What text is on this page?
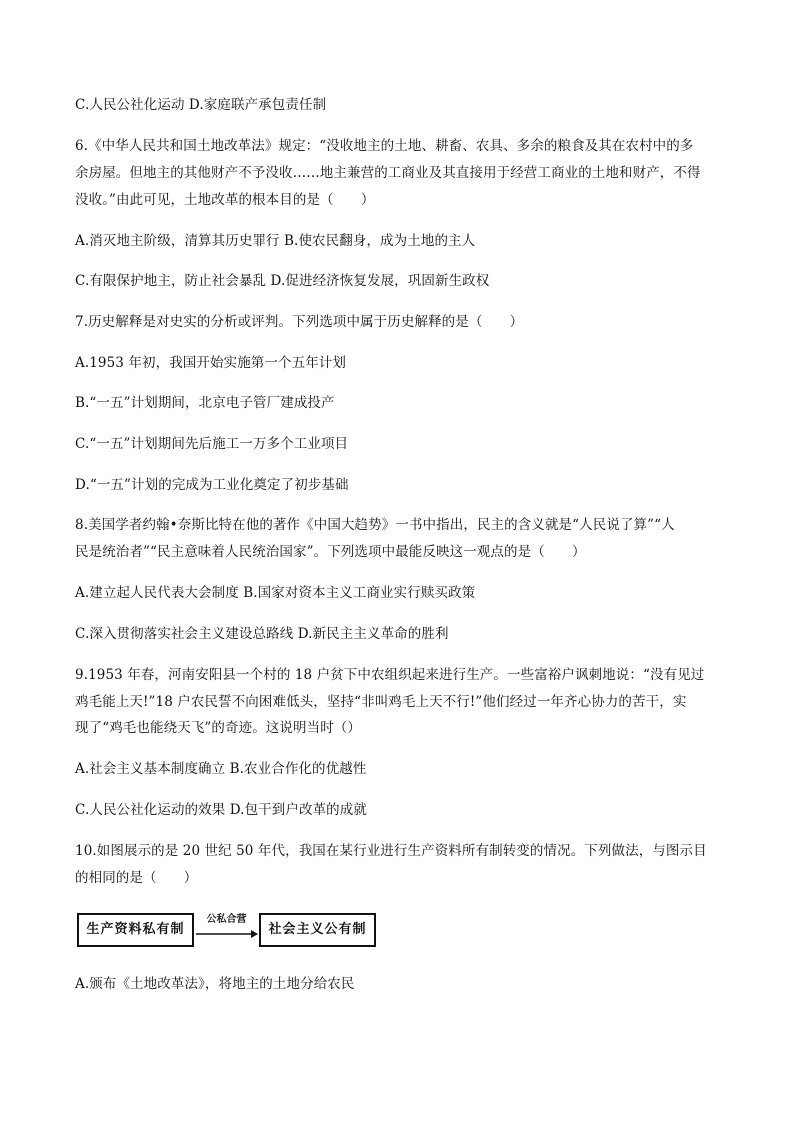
C.人民公社化运动 D.家庭联产承包责任制
6.《中华人民共和国土地改革法》规定：“没收地主的土地、耕畜、农具、多余的粮食及其在农村中的多
余房屋。但地主的其他财产不予没收……地主兼营的工商业及其直接用于经营工商业的土地和财产，不得
没收。”由此可见，土地改革的根本目的是（　　）
A.消灭地主阶级，清算其历史罪行 B.使农民翻身，成为土地的主人
C.有限保护地主，防止社会暴乱 D.促进经济恢复发展，巩固新生政权
7.历史解释是对史实的分析或评判。下列选项中属于历史解释的是（　　）
A.1953 年初，我国开始实施第一个五年计划
B.“一五”计划期间，北京电子管厂建成投产
C.“一五”计划期间先后施工一万多个工业项目
D.“一五”计划的完成为工业化奠定了初步基础
8.美国学者约翰•奈斯比特在他的著作《中国大趋势》一书中指出，民主的含义就是“人民说了算”“人
民是统治者”“民主意味着人民统治国家”。下列选项中最能反映这一观点的是（　　）
A.建立起人民代表大会制度 B.国家对资本主义工商业实行赎买政策
C.深入贯彻落实社会主义建设总路线 D.新民主主义革命的胜利
9.1953 年春，河南安阳县一个村的 18 户贫下中农组织起来进行生产。一些富裕户讽刺地说：“没有见过
鸡毛能上天!”18 户农民誓不向困难低头，坚持“非叫鸡毛上天不行!”他们经过一年齐心协力的苦干，实
现了“鸡毛也能绕天飞”的奇迹。这说明当时（）
A.社会主义基本制度确立 B.农业合作化的优越性
C.人民公社化运动的效果 D.包干到户改革的成就
10.如图展示的是 20 世纪 50 年代，我国在某行业进行生产资料所有制转变的情况。下列做法，与图示目
的相同的是（　　）
生产资料私有制
公私合营
社会主义公有制
A.颁布《土地改革法》，将地主的土地分给农民
